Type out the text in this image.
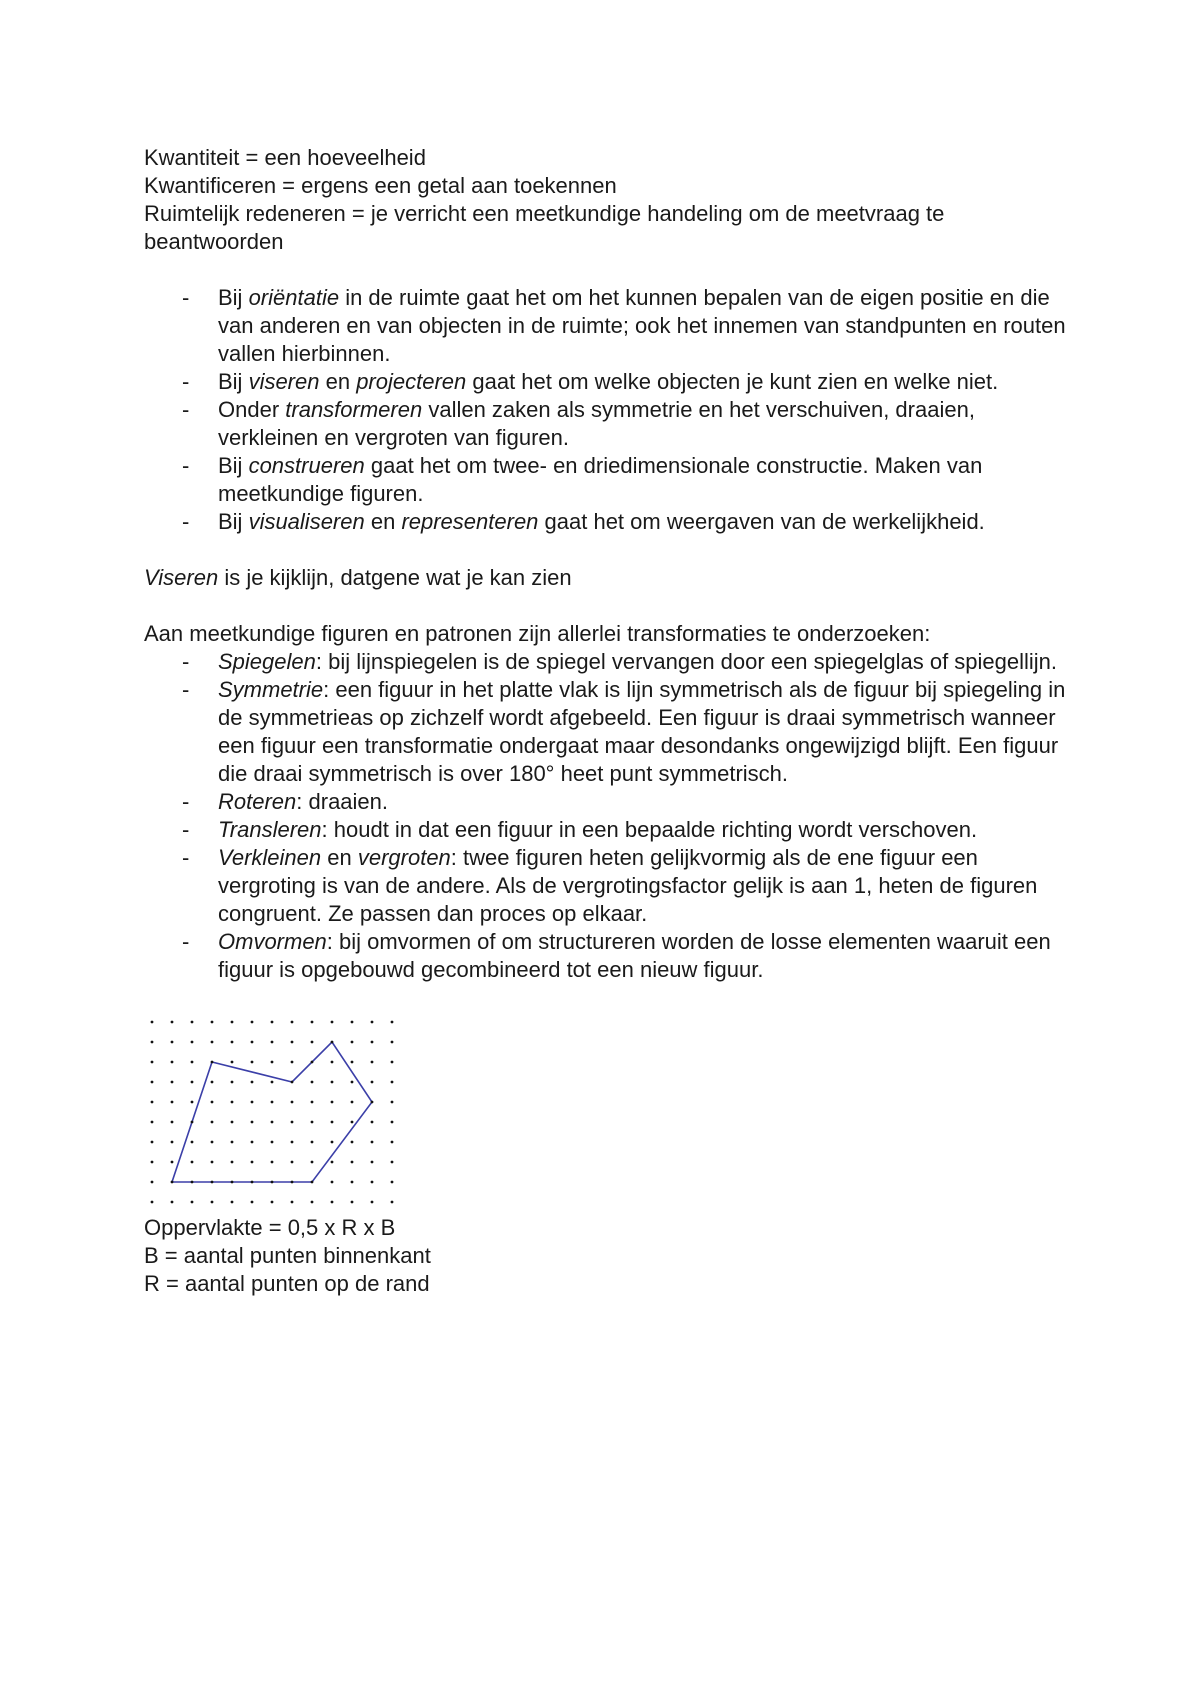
Kwantiteit = een hoeveelheid

Kwantificeren = ergens een getal aan toekennen

Ruimtelijk redeneren = je verricht een meetkundige handeling om de meetvraag te beantwoorden

- Bij oriëntatie in de ruimte gaat het om het kunnen bepalen van de eigen positie en die van anderen en van objecten in de ruimte; ook het innemen van standpunten en routen vallen hierbinnen.
- Bij viseren en projecteren gaat het om welke objecten je kunt zien en welke niet.
- Onder transformeren vallen zaken als symmetrie en het verschuiven, draaien, verkleinen en vergroten van figuren.
- Bij construeren gaat het om twee- en driedimensionale constructie. Maken van meetkundige figuren.
- Bij visualiseren en representeren gaat het om weergaven van de werkelijkheid.

Viseren is je kijklijn, datgene wat je kan zien

Aan meetkundige figuren en patronen zijn allerlei transformaties te onderzoeken:

- Spiegelen: bij lijnspiegelen is de spiegel vervangen door een spiegelglas of spiegellijn.
- Symmetrie: een figuur in het platte vlak is lijn symmetrisch als de figuur bij spiegeling in de symmetrieas op zichzelf wordt afgebeeld. Een figuur is draai symmetrisch wanneer een figuur een transformatie ondergaat maar desondanks ongewijzigd blijft. Een figuur die draai symmetrisch is over 180° heet punt symmetrisch.
- Roteren: draaien.
- Transleren: houdt in dat een figuur in een bepaalde richting wordt verschoven.
- Verkleinen en vergroten: twee figuren heten gelijkvormig als de ene figuur een vergroting is van de andere. Als de vergrotingsfactor gelijk is aan 1, heten de figuren congruent. Ze passen dan proces op elkaar.
- Omvormen: bij omvormen of om structureren worden de losse elementen waaruit een figuur is opgebouwd gecombineerd tot een nieuw figuur.

Oppervlakte = 0,5 x R x B

B = aantal punten binnenkant

R = aantal punten op de rand
